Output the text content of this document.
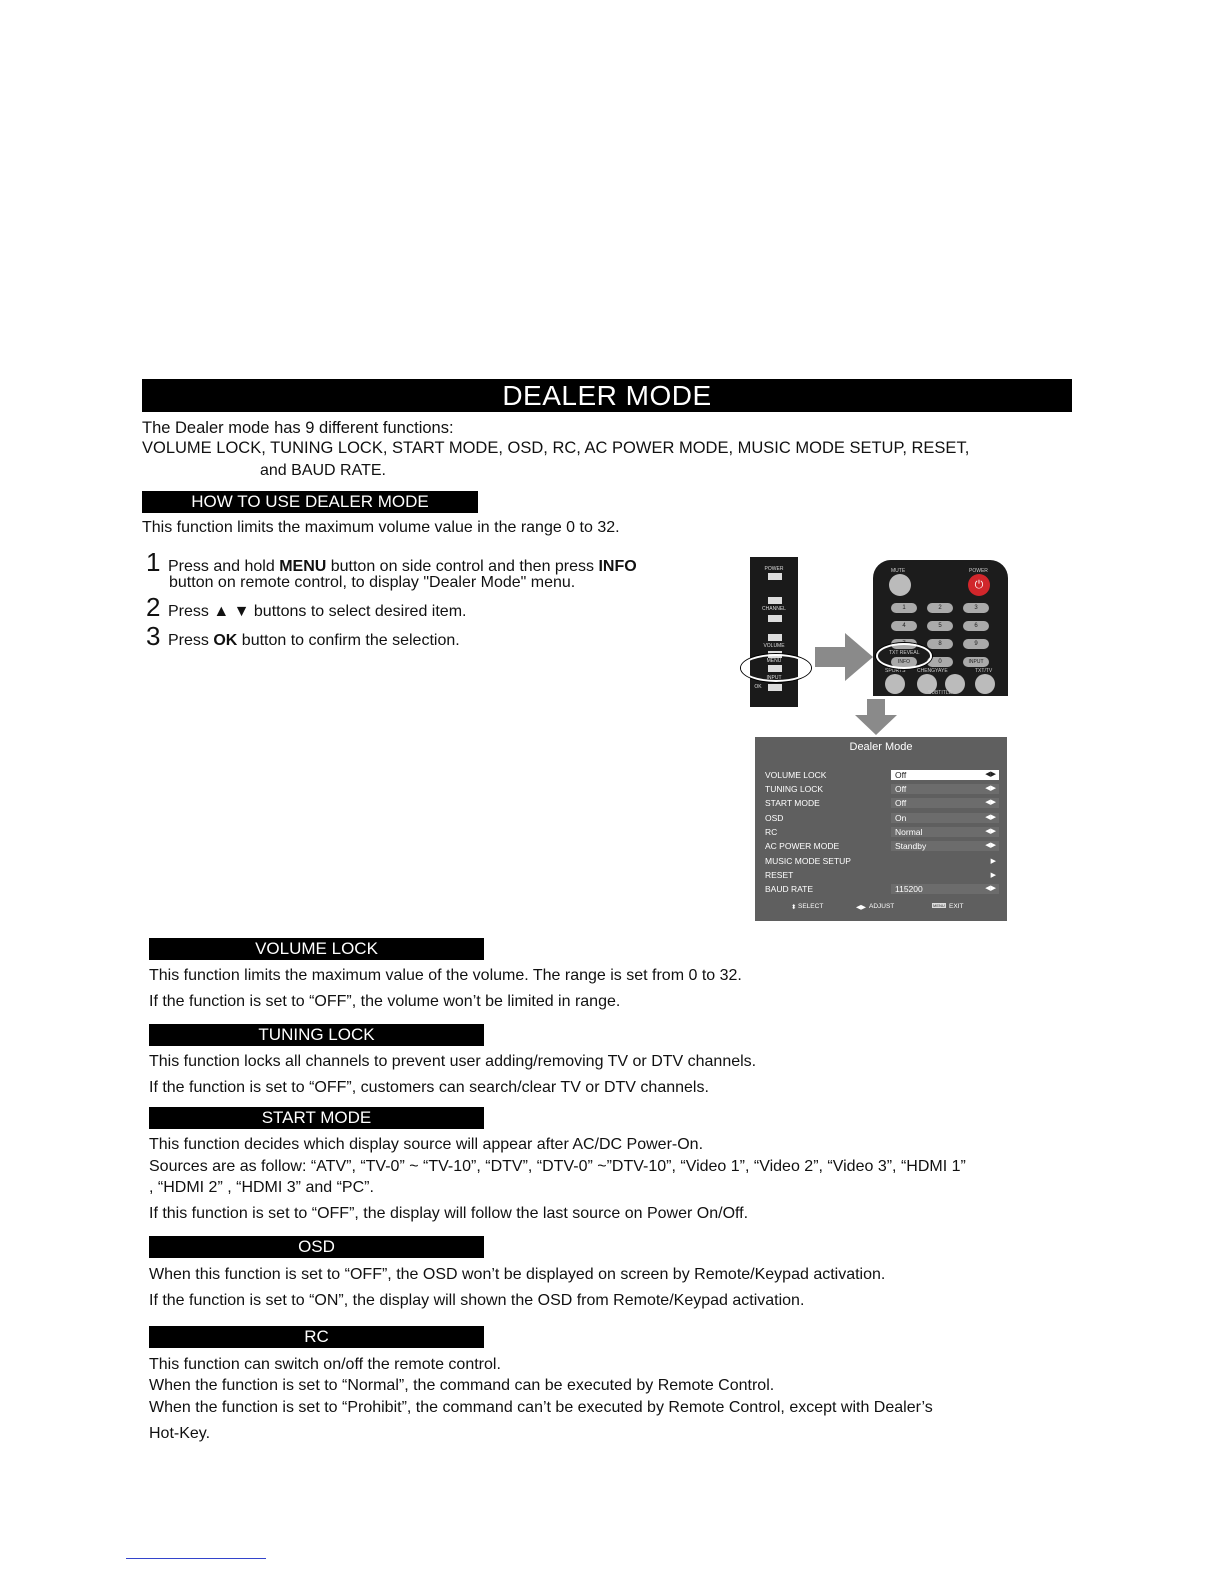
DEALER MODE

The Dealer mode has 9 different functions:

VOLUME LOCK, TUNING LOCK, START MODE, OSD, RC, AC POWER MODE, MUSIC MODE SETUP, RESET,

and BAUD RATE.

HOW TO USE DEALER MODE

This function limits the maximum volume value in the range 0 to 32.

1 Press and hold MENU button on side control and then press INFO

button on remote control, to display "Dealer Mode" menu.

2 Press ▲ ▼ buttons to select desired item.
3 Press OK button to confirm the selection.
POWER
CHANNEL
VOLUME
MENU
INPUT
OK
MUTE	POWER
⏻
1	2	3
4	5	6
7	8	9
TXT REVEAL
INFO	0	INPUT
SPORTS CHENGYAYE	TXT/TV
SUBTITLE
Dealer Mode
VOLUME LOCK	Off	◀▶
TUNING LOCK	Off	◀▶
START MODE	Off	◀▶
OSD	On	◀▶
RC	Normal	◀▶
AC POWER MODE	Standby	◀▶
MUSIC MODE SETUP	▶
RESET	▶
BAUD RATE	115200	◀▶
⬍ SELECT	◀▶ ADJUST	MENU EXIT
VOLUME LOCK

This function limits the maximum value of the volume. The range is set from 0 to 32.

If the function is set to “OFF”, the volume won’t be limited in range.

TUNING LOCK

This function locks all channels to prevent user adding/removing TV or DTV channels.

If the function is set to “OFF”, customers can search/clear TV or DTV channels.

START MODE

This function decides which display source will appear after AC/DC Power-On.

Sources are as follow: “ATV”, “TV-0” ~ “TV-10”, “DTV”, “DTV-0” ~”DTV-10”, “Video 1”, “Video 2”, “Video 3”, “HDMI 1”

, “HDMI 2” , “HDMI 3” and “PC”.

If this function is set to “OFF”, the display will follow the last source on Power On/Off.

OSD

When this function is set to “OFF”, the OSD won’t be displayed on screen by Remote/Keypad activation.

If the function is set to “ON”, the display will shown the OSD from Remote/Keypad activation.

RC

This function can switch on/off the remote control.

When the function is set to “Normal”, the command can be executed by Remote Control.

When the function is set to “Prohibit”, the command can’t be executed by Remote Control, except with Dealer’s

Hot-Key.
